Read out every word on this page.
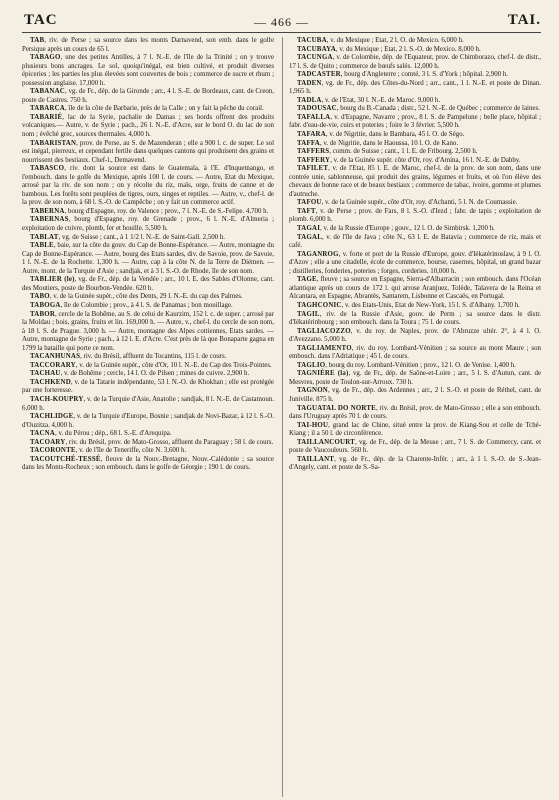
TAC	— 466 —	TAI.

TAB, riv. de Perse ; sa source dans les monts Darnavend, son emb. dans le golfe Persique après un cours de 65 l.

TABAGO, une des petites Antilles, à 7 l. N.-E. de l'île de la Trinité ; on y trouve plusieurs bons ancrages. Le sol, quoiqu'inégal, est bien cultivé, et produit diverses épiceries ; les parties les plus élevées sont couvertes de bois ; commerce de sucre et rhum ; possession anglaise. 17,000 h.

TABANAC, vg. de Fr., dép. de la Gironde ; arr., 4 l. S.-E. de Bordeaux, cant. de Creon, poste de Castres. 750 h.

TABARCA, île de la côte de Barbarie, près de la Calle ; on y fait la pêche du corail.

TABARIÉ, lac de la Syrie, pachalie de Damas ; ses bords offrent des produits volcaniques.— Autre, v. de Syrie ; pach., 26 l. N.-E. d'Acre, sur le bord O. du lac de son nom ; évêché grec, sources thermales. 4,000 h.

TABARISTAN, prov. de Perse, au S. de Mazenderan ; elle a 900 l. c. de super. Le sol est inégal, pierreux, et cependant fertile dans quelques cantons qui produisent des grains et nourrissent des bestiaux. Chef-l., Demavend.

TABASCO, riv. dont la source est dans le Guatemala, à l'E. d'Inquetnango, et l'embouch. dans le golfe du Mexique, après 100 l. de cours. — Autre, Etat du Mexique, arrosé par la riv. de son nom ; on y récolte du riz, maïs, orge, fruits de canne et de bambous. Les forêts sont peuplées de tigres, ours, singes et reptiles. — Autre, v., chef-l. de la prov. de son nom, à 68 l. S.-O. de Campêche ; on y fait un commerce actif.

TABERNA, bourg d'Espagne, roy. de Valence ; prov., 7 l. N.-E. de S.-Felipe. 4,700 h.

TABERNAS, bourg d'Espagne, roy. de Grenade ; prov., 6 l. N.-E. d'Almeria ; exploitation de cuivre, plomb, fer et houille. 5,500 h.

TABLAT, vg. de Suisse ; cant., à 1 1/2 l. N.-E. de Saint-Gall. 2,500 h.

TABLE, baie, sur la côte du gouv. du Cap de Bonne-Espérance. — Autre, montagne du Cap de Bonne-Espérance. — Autre, bourg des Etats sardes, div. de Savoie, prov. de Savoie, 1 l. N.-E. de la Rochette. 1,300 h. — Autre, cap à la côte N. de la Terre de Diémen. — Autre, mont. de la Turquie d'Asie ; sandjak, et à 3 l. S.-O. de Rhode, île de son nom.

TABLIER (le), vg. de Fr., dép. de la Vendée ; arr., 10 l. E. des Sables d'Olonne, cant. des Moutiers, poste de Bourbon-Vendée. 620 h.

TABO, v. de la Guinée supér., côte des Dents, 29 l. N.-E. du cap des Palmes.

TABOGA, île de Colombie ; prov., à 4 l. S. de Panamas ; bon mouillage.

TABOR, cercle de la Bohême, au S. de celui de Kaurzim, 152 l. c. de super. ; arrosé par la Moldau ; bois, grains, fruits et lin. 169,000 h. — Autre, v., chef-l. du cercle de son nom, à 18 l. S. de Prague. 3,000 h. — Autre, montagne des Alpes cottiennes, Etats sardes. — Autre, montagne de Syrie ; pach., à 12 l. E. d'Acre. C'est près de là que Bonaparte gagna en 1799 la bataille qui porte ce nom.

TACANHUNAS, riv. du Brésil, affluent du Tocantins, 115 l. de cours.

TACCORARY, v. de la Guinée supér., côte d'Or, 10 l. N.-E. du Cap des Trois-Pointes.

TACHAU, v. de Bohême ; cercle, 14 l. O. de Pilsen ; mines de cuivre. 2,900 h.

TACHKEND, v. de la Tatarie indépendante, 53 l. N.-O. de Khokhan ; elle est protégée par une forteresse.

TACH-KOUPRY, v. de la Turquie d'Asie, Anatolie ; sandjak, 8 l. N.-E. de Castamoun. 6,000 h.

TACHLIDGE, v. de la Turquie d'Europe, Bosnie ; sandjak de Novi-Bazar, à 12 l. S.-O. d'Ouzitza. 4,000 h.

TACNA, v. du Pérou ; dép., 68 l. S.-E. d'Arequipa.

TACOARY, riv. du Brésil, prov. de Mato-Grosso, affluent du Paraguay ; 58 l. de cours.

TACORONTE, v. de l'île de Teneriffe, côte N. 3,600 h.

TACOUTCHÉ-TESSÉ, fleuve de la Nouv.-Bretagne, Nouv.-Calédonie ; sa source dans les Monts-Rocheux ; son embouch. dans le golfe de Géorgie ; 190 l. de cours.

TACUBA, v. du Mexique ; Etat, 2 l. O. de Mexico. 6,000 h.

TACUBAYA, v. du Mexique ; Etat, 2 l. S.-O. de Mexico. 8,000 h.

TACUNGA, v. de Colombie, dép. de l'Equateur, prov. de Chimborazo, chef-l. de distr., 17 l. S. de Quito ; commerce de bœufs salés. 12,000 h.

TADCASTER, bourg d'Angleterre ; comté, 3 l. S. d'York ; hôpital. 2,900 h.

TADEN, vg. de Fr., dép. des Côtes-du-Nord ; arr., cant., 1 l. N.-E. et poste de Dinan. 1,965 h.

TADLA, v. de l'Etat, 30 l. N.-E. de Maroc. 9,000 h.

TADOUSAC, bourg du B.-Canada ; distr., 52 l. N.-E. de Québec ; commerce de laines.

TAFALLA, v. d'Espagne, Navarre ; prov., 8 l. S. de Pampelune ; belle place, hôpital ; fabr. d'eau-de-vie, cuirs et poteries ; foire le 3 février. 5,500 h.

TAFARA, v. de Nigritie, dans le Bambara, 45 l. O. de Ségo.

TAFFA, v. de Nigritie, dans le Haoussa, 10 l. O. de Kano.

TAFFERS, comm. de Suisse ; cant., 1 l. E. de Fribourg. 2,500 h.

TAFFERY, v. de la Guinée supér. côte d'Or, roy. d'Amina, 16 l. N.-E. de Dabby.

TAFILET, v. de l'Etat, 85 l. E. de Maroc, chef-l. de la prov. de son nom, dans une contrée unie, sablonneuse, qui produit des grains, légumes et fruits, et où l'on élève des chevaux de bonne race et de beaux bestiaux ; commerce de tabac, ivoire, gomme et plumes d'autruche.

TAFOU, v. de la Guinée supér., côte d'Or, roy. d'Achanti, 5 l. N. de Coumassie.

TAFT, v. de Perse ; prov. de Fars, 8 l. S.-O. d'Iezd ; fabr. de tapis ; exploitation de plomb. 6,000 h.

TAGAI, v. de la Russie d'Europe ; gouv., 12 l. O. de Simbirsk. 1,200 h.

TAGAL, v. de l'île de Java ; côte N., 63 l. E. de Batavia ; commerce de riz, mais et café.

TAGANROG, v. forte et port de la Russie d'Europe, gouv. d'Iékatérinoslaw, à 9 l. O. d'Azov ; elle a une citadelle, école de commerce, bourse, casernes, hôpital, un grand bazar ; distilleries, fonderies, poteries ; forges, corderies. 10,000 h.

TAGE, fleuve ; sa source en Espagne, Sierra-d'Albarracin ; son embouch. dans l'Océan atlantique après un cours de 172 l. qui arrose Aranjuez, Tolède, Talavera de la Reina et Alcantara, en Espagne, Abrantès, Santarem, Lisbonne et Cascaës, en Portugal.

TAGHCONIC, v. des Etats-Unis, Etat de New-York, 15 l. S. d'Albany. 1,700 h.

TAGIL, riv. de la Russie d'Asie, gouv. de Perm ; sa source dans le distr. d'Iékatérinbourg ; son embouch. dans la Toura ; 75 l. de cours.

TAGLIACOZZO, v. du roy. de Naples, prov. de l'Abruzze ultér. 2°, à 4 l. O. d'Avezzano. 5,000 h.

TAGLIAMENTO, riv. du roy. Lombard-Vénitien ; sa source au mont Maure ; son embouch. dans l'Adriatique ; 45 l. de cours.

TAGLIO, bourg du roy. Lombard-Vénitien ; prov., 12 l. O. de Venise. 1,400 h.

TAGNIÈRE (la), vg. de Fr., dép. de Saône-et-Loire ; arr., 5 l. S. d'Autun, cant. de Mesvres, poste de Toulon-sur-Arroux. 730 h.

TAGNON, vg. de Fr., dép. des Ardennes ; arr., 2 l. S.-O. et poste de Réthel, cant. de Juniville. 875 h.

TAGUATAL DO NORTE, riv. du Brésil, prov. de Mato-Grosso ; elle a son embouch. dans l'Uruguay après 70 l. de cours.

TAI-HOU, grand lac de Chine, situé entre la prov. de Kiang-Sou et celle de Tché-Kiang ; il a 50 l. de circonférence.

TAILLANCOURT, vg. de Fr., dép. de la Meuse ; arr., 7 l. S. de Commercy, cant. et poste de Vaucouleurs. 560 h.

TAILLANT, vg. de Fr., dép. de la Charente-Infér. ; arr., à 1 l. S.-O. de S.-Jean-d'Angely, cant. et poste de S.-Sa-
